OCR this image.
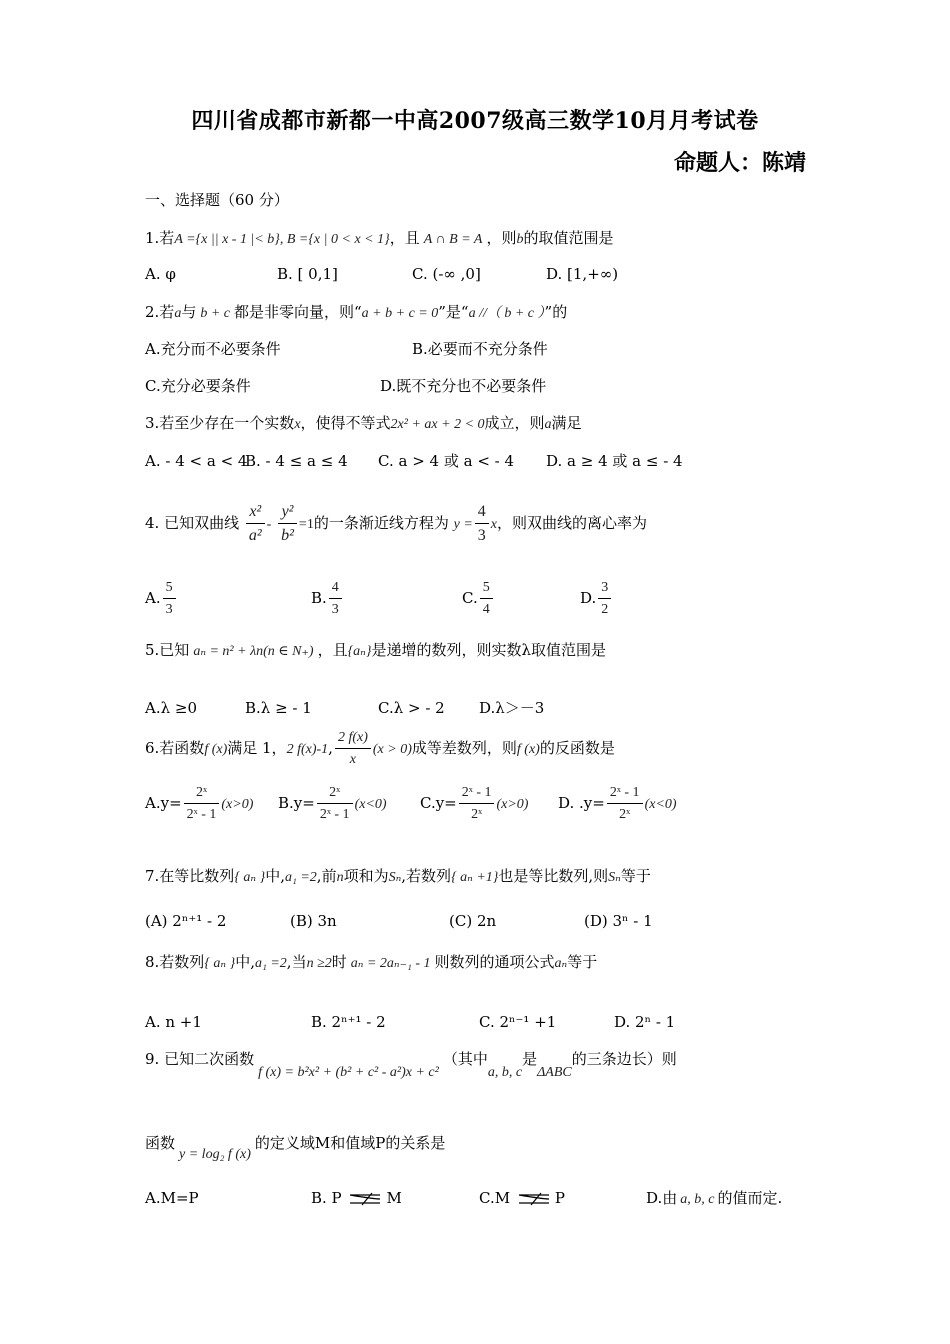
四川省成都市新都一中高2007级高三数学10月月考试卷
命题人：陈靖
一、选择题（60 分）
1.若A ={x || x - 1 |< b}, B ={x | 0 < x < 1}，且 A ∩ B = A ，则b的取值范围是
A. φ	B. [ 0,1]	C. (-∞ ,0]	D. [1,+∞)
2.若a与 b + c 都是非零向量，则“a + b + c = 0”是“a //（ b + c ）”的
A.充分而不必要条件	B.必要而不充分条件
C.充分必要条件	D.既不充分也不必要条件
3.若至少存在一个实数x，使得不等式2x² + ax + 2 < 0成立，则a满足
A. - 4 < a < 4
B. - 4 ≤ a ≤ 4 C. a > 4 或 a < - 4 D. a ≥ 4 或 a ≤ - 4
4. 已知双曲线 $\frac{\text{x²}}{\text{a²}} - \frac{\text{y²}}{\text{b²}} =1$的一条渐近线方程为 $y = \frac{4}{3}$ x，则双曲线的离心率为
A. $\frac{5}{3}$	B. $\frac{4}{3}$	C. $\frac{5}{4}$	D. $\frac{3}{2}$
5.已知 aₙ = n² + λn(n ∈ N₊) ，且{aₙ}是递增的数列，则实数λ取值范围是
A.λ ≥0	B.λ ≥ - 1	C.λ > - 2 D.λ＞－3
6.若函数f (x)满足 1，2 f(x)-1, $\frac{2 f(x)}{x} (x > 0)$成等差数列，则f (x)的反函数是
$A.y= \frac{\text{2ˣ}}{\text{2ˣ - 1}} (x>0)$ $B.y= \frac{\text{2ˣ}}{\text{2ˣ - 1}} (x<0)$ $C.y= \frac{\text{2ˣ - 1}}{\text{2ˣ}} (x>0)$ D. $.y= \frac{\text{2ˣ - 1}}{\text{2ˣ}} (x<0)$
7.在等比数列{ aₙ }中,a₁ =2,前n项和为Sₙ,若数列{ aₙ +1}也是等比数列,则Sₙ等于
(A) 2ⁿ⁺¹ - 2	(B) 3n	(C) 2n	(D) 3ⁿ - 1
8.若数列{ aₙ }中,a₁ =2,当n ≥2时 aₙ = 2aₙ₋₁ - 1 则数列的通项公式aₙ等于
A. n +1	B. 2ⁿ⁺¹ - 2	C. 2ⁿ⁻¹ +1	D. 2ⁿ - 1
9. 已知二次函数f (x) = b²x² + (b² + c² - a²)x + c²（其中a, b, c是ΔABC的三条边长）则
函数y = log₂ f (x)的定义域M和值域P的关系是
A.M=P	B. P	M	C.M	P	D.由 a, b, c 的值而定.
